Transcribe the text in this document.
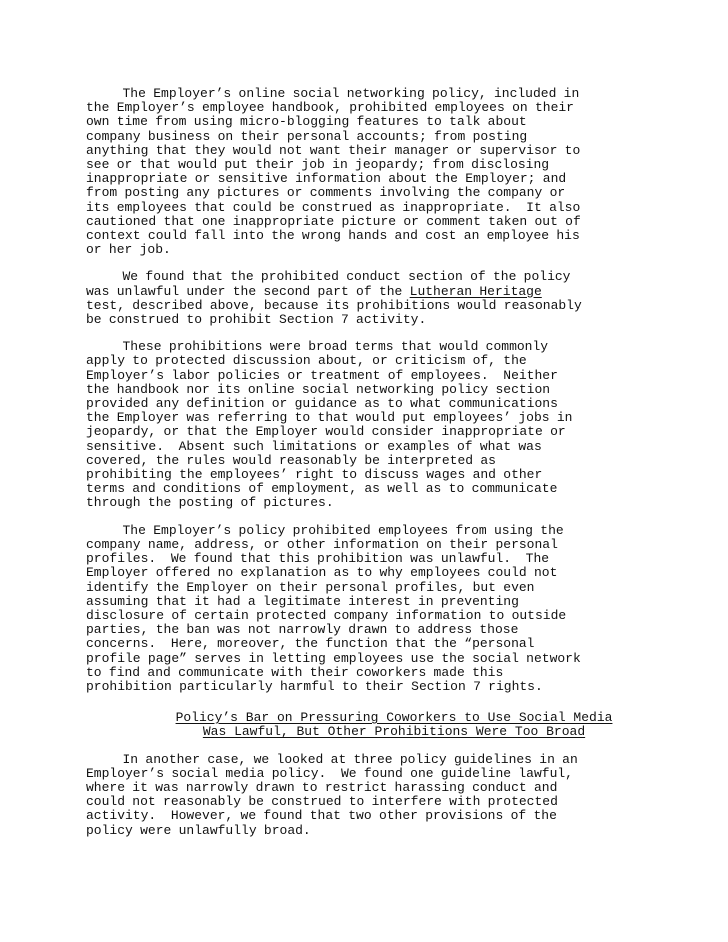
The Employer’s online social networking policy, included in
the Employer’s employee handbook, prohibited employees on their
own time from using micro-blogging features to talk about
company business on their personal accounts; from posting
anything that they would not want their manager or supervisor to
see or that would put their job in jeopardy; from disclosing
inappropriate or sensitive information about the Employer; and
from posting any pictures or comments involving the company or
its employees that could be construed as inappropriate.  It also
cautioned that one inappropriate picture or comment taken out of
context could fall into the wrong hands and cost an employee his
or her job.
We found that the prohibited conduct section of the policy
was unlawful under the second part of the Lutheran Heritage
test, described above, because its prohibitions would reasonably
be construed to prohibit Section 7 activity.
These prohibitions were broad terms that would commonly
apply to protected discussion about, or criticism of, the
Employer’s labor policies or treatment of employees.  Neither
the handbook nor its online social networking policy section
provided any definition or guidance as to what communications
the Employer was referring to that would put employees’ jobs in
jeopardy, or that the Employer would consider inappropriate or
sensitive.  Absent such limitations or examples of what was
covered, the rules would reasonably be interpreted as
prohibiting the employees’ right to discuss wages and other
terms and conditions of employment, as well as to communicate
through the posting of pictures.
The Employer’s policy prohibited employees from using the
company name, address, or other information on their personal
profiles.  We found that this prohibition was unlawful.  The
Employer offered no explanation as to why employees could not
identify the Employer on their personal profiles, but even
assuming that it had a legitimate interest in preventing
disclosure of certain protected company information to outside
parties, the ban was not narrowly drawn to address those
concerns.  Here, moreover, the function that the “personal
profile page” serves in letting employees use the social network
to find and communicate with their coworkers made this
prohibition particularly harmful to their Section 7 rights.
Policy’s Bar on Pressuring Coworkers to Use Social Media
Was Lawful, But Other Prohibitions Were Too Broad
In another case, we looked at three policy guidelines in an
Employer’s social media policy.  We found one guideline lawful,
where it was narrowly drawn to restrict harassing conduct and
could not reasonably be construed to interfere with protected
activity.  However, we found that two other provisions of the
policy were unlawfully broad.
